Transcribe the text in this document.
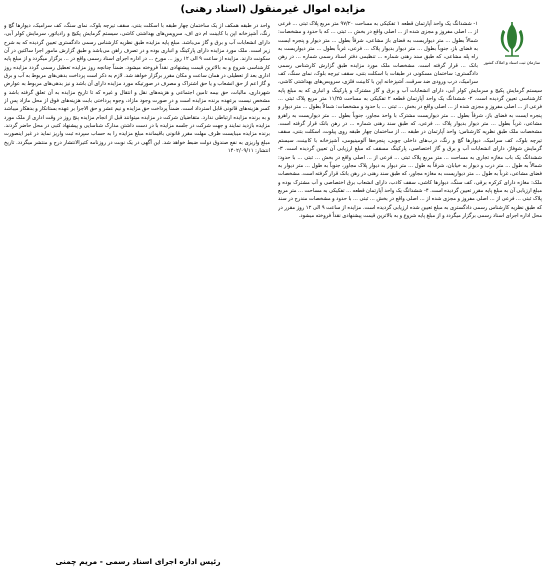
مزایده اموال غیرمنقول (اسناد رهنی)
سازمان ثبت اسناد و املاک کشور

۱- ششدانگ یک واحد آپارتمان قطعه ۱ تفکیکی به مساحت ۹۷/۲۰ متر مربع پلاک ثبتی ... فرعی از ... اصلی مفروز و مجزی شده از ... اصلی واقع در بخش ... ثبتی ... که با حدود و مشخصات: شمالاً بطول ... متر دیواریست به فضای باز مشاعی، شرقاً بطول ... متر دیوار و پنجره ایست به فضای باز، جنوباً بطول ... متر دیوار بدیوار پلاک ... فرعی، غرباً بطول ... متر دیواریست به راه پله مشاعی، که طبق سند رهنی شماره ... تنظیمی دفتر اسناد رسمی شماره ... در رهن بانک ... قرار گرفته است. مشخصات ملک مورد مزایده طبق گزارش کارشناس رسمی دادگستری: ساختمان مسکونی در طبقات با اسکلت بتنی، سقف تیرچه بلوک، نمای سنگ، کف سرامیک، درب ورودی ضد سرقت، آشپزخانه اپن با کابینت فلزی، سرویس‌های بهداشتی کاشی، سیستم گرمایش پکیج و سرمایش کولر آبی، دارای انشعابات آب و برق و گاز مشترک و پارکینگ و انباری که به مبلغ پایه کارشناسی تعیین گردیده است. ۲- ششدانگ یک واحد آپارتمان قطعه ۲ تفکیکی به مساحت ۱۱/۲۵ متر مربع پلاک ثبتی ... فرعی از ... اصلی مفروز و مجزی شده از ... اصلی واقع در بخش ... ثبتی ... با حدود و مشخصات: شمالاً بطول ... متر دیوار و پنجره ایست به فضای باز، شرقاً بطول ... متر دیواریست مشترک با واحد مجاور، جنوباً بطول ... متر دیواریست به راهرو مشاعی، غرباً بطول ... متر دیوار بدیوار پلاک ... فرعی، که طبق سند رهنی شماره ... در رهن بانک قرار گرفته است. مشخصات ملک طبق نظریه کارشناس: واحد آپارتمان در طبقه ... از ساختمان چهار طبقه روی پیلوت، اسکلت بتنی، سقف تیرچه بلوک، کف سرامیک، دیوارها گچ و رنگ، درب‌های داخلی چوبی، پنجره‌ها آلومینیومی، آشپزخانه با کابینت، سیستم گرمایش شوفاژ، دارای انشعابات آب و برق و گاز اختصاصی، پارکینگ مسقف که مبلغ ارزیابی آن تعیین گردیده است. ۳- ششدانگ یک باب مغازه تجاری به مساحت ... متر مربع پلاک ثبتی ... فرعی از ... اصلی واقع در بخش ... ثبتی ... با حدود: شمالاً به طول ... متر درب و دیوار به خیابان، شرقاً به طول ... متر دیوار به دیوار پلاک مجاور، جنوباً به طول ... متر دیوار به فضای مشاعی، غرباً به طول ... متر دیواریست به مغازه مجاور، که طبق سند رهنی در رهن بانک قرار گرفته است. مشخصات ملک: مغازه دارای کرکره برقی، کف سنگ، دیوارها کاشی، سقف کاذب، دارای انشعاب برق اختصاصی و آب مشترک بوده و مبلغ ارزیابی آن به مبلغ پایه مقرر تعیین گردیده است. ۴- ششدانگ یک واحد آپارتمان قطعه ... تفکیکی به مساحت ... متر مربع پلاک ثبتی ... فرعی از ... اصلی مفروز و مجزی شده از ... اصلی واقع در بخش ... ثبتی ... با حدود و مشخصات مندرج در سند که طبق نظریه کارشناس رسمی دادگستری به مبلغ تعیین شده ارزیابی گردیده است. مزایده از ساعت ۹ الی ۱۲ روز مقرر در محل اداره اجرای اسناد رسمی برگزار میگردد و از مبلغ پایه شروع و به بالاترین قیمت پیشنهادی نقداً فروخته میشود.

واحد در طبقه همکف از یک ساختمان چهار طبقه با اسکلت بتنی، سقف تیرچه بلوک، نمای سنگ، کف سرامیک، دیوارها گچ و رنگ، آشپزخانه اپن با کابینت ام دی اف، سرویس‌های بهداشتی کاشی، سیستم گرمایش پکیج و رادیاتور، سرمایش کولر آبی، دارای انشعابات آب و برق و گاز می‌باشد. مبلغ پایه مزایده طبق نظریه کارشناس رسمی دادگستری تعیین گردیده که به شرح زیر است. ملک مورد مزایده دارای پارکینگ و انباری بوده و در تصرف راهن می‌باشد و طبق گزارش مامور اجرا ساکنین در آن سکونت دارند. مزایده از ساعت ۹ الی ۱۲ روز ... مورخ ... در اداره اجرای اسناد رسمی واقع در ... برگزار میگردد و از مبلغ پایه کارشناسی شروع و به بالاترین قیمت پیشنهادی نقداً فروخته میشود. ضمناً چنانچه روز مزایده تعطیل رسمی گردد مزایده روز اداری بعد از تعطیلی در همان ساعت و مکان مقرر برگزار خواهد شد. لازم به ذکر است پرداخت بدهی‌های مربوط به آب و برق و گاز اعم از حق انشعاب و یا حق اشتراک و مصرف در صورتیکه مورد مزایده دارای آن باشد و نیز بدهی‌های مربوط به عوارض شهرداری، مالیات، حق بیمه تامین اجتماعی و هزینه‌های نقل و انتقال و غیره که تا تاریخ مزایده به آن تعلق گرفته باشد و مشخص نیست برعهده برنده مزایده است و در صورت وجود مازاد، وجوه پرداختی بابت هزینه‌های فوق از محل مازاد پس از کسر هزینه‌های قانونی قابل استرداد است. ضمناً پرداخت حق مزایده و نیم عشر و حق الاجرا بر عهده بستانکار و بدهکار میباشد و به برنده مزایده ارتباطی ندارد. متقاضیان شرکت در مزایده میتوانند قبل از انجام مزایده پنج روز در وقت اداری از ملک مورد مزایده بازدید نمایند و جهت شرکت در جلسه مزایده با در دست داشتن مدارک شناسایی و پیشنهاد کتبی در محل حاضر گردند. برنده مزایده میبایست ظرف مهلت مقرر قانونی باقیمانده مبلغ مزایده را به حساب سپرده ثبت واریز نماید در غیر اینصورت مبلغ واریزی به نفع صندوق دولت ضبط خواهد شد. این آگهی در یک نوبت در روزنامه کثیرالانتشار درج و منتشر میگردد. تاریخ انتشار: ۱۴۰۲/۰۹/۱۱

رئیس اداره اجرای اسناد رسمی - مریم چمنی
